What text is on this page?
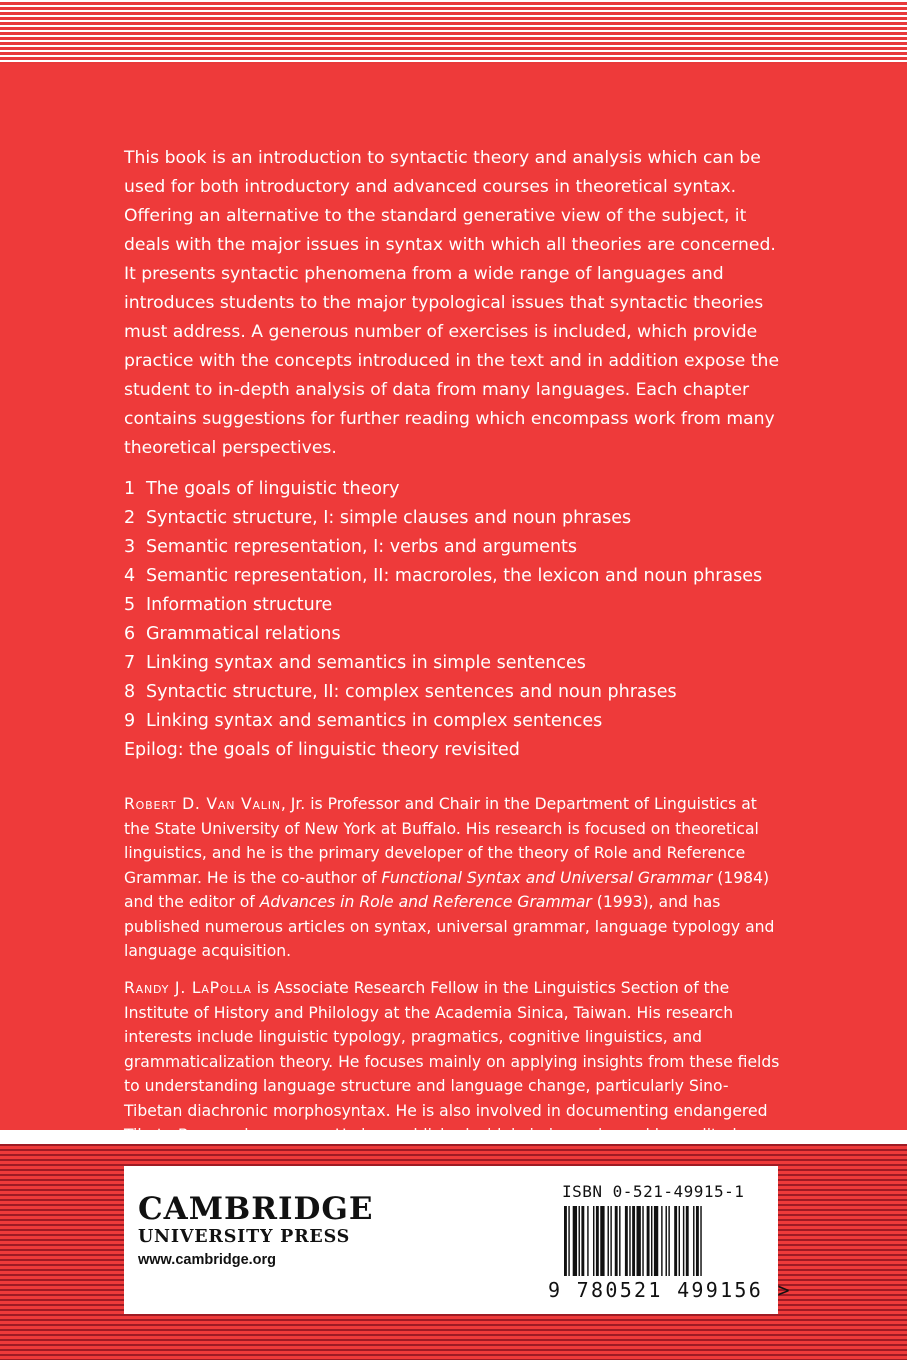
This book is an introduction to syntactic theory and analysis which can be used for both introductory and advanced courses in theoretical syntax. Offering an alternative to the standard generative view of the subject, it deals with the major issues in syntax with which all theories are concerned. It presents syntactic phenomena from a wide range of languages and introduces students to the major typological issues that syntactic theories must address. A generous number of exercises is included, which provide practice with the concepts introduced in the text and in addition expose the student to in-depth analysis of data from many languages. Each chapter contains suggestions for further reading which encompass work from many theoretical perspectives.

1 The goals of linguistic theory
2 Syntactic structure, I: simple clauses and noun phrases
3 Semantic representation, I: verbs and arguments
4 Semantic representation, II: macroroles, the lexicon and noun phrases
5 Information structure
6 Grammatical relations
7 Linking syntax and semantics in simple sentences
8 Syntactic structure, II: complex sentences and noun phrases
9 Linking syntax and semantics in complex sentences
Epilog: the goals of linguistic theory revisited

Robert D. Van Valin, Jr. is Professor and Chair in the Department of Linguistics at the State University of New York at Buffalo. His research is focused on theoretical linguistics, and he is the primary developer of the theory of Role and Reference Grammar. He is the co-author of Functional Syntax and Universal Grammar (1984) and the editor of Advances in Role and Reference Grammar (1993), and has published numerous articles on syntax, universal grammar, language typology and language acquisition.

Randy J. LaPolla is Associate Research Fellow in the Linguistics Section of the Institute of History and Philology at the Academia Sinica, Taiwan. His research interests include linguistic typology, pragmatics, cognitive linguistics, and grammaticalization theory. He focuses mainly on applying insights from these fields to understanding language structure and language change, particularly Sino-Tibetan diachronic morphosyntax. He is also involved in documenting endangered

CAMBRIDGE
UNIVERSITY PRESS
www.cambridge.org
ISBN 0-521-49915-1
9 780521 499156 >
